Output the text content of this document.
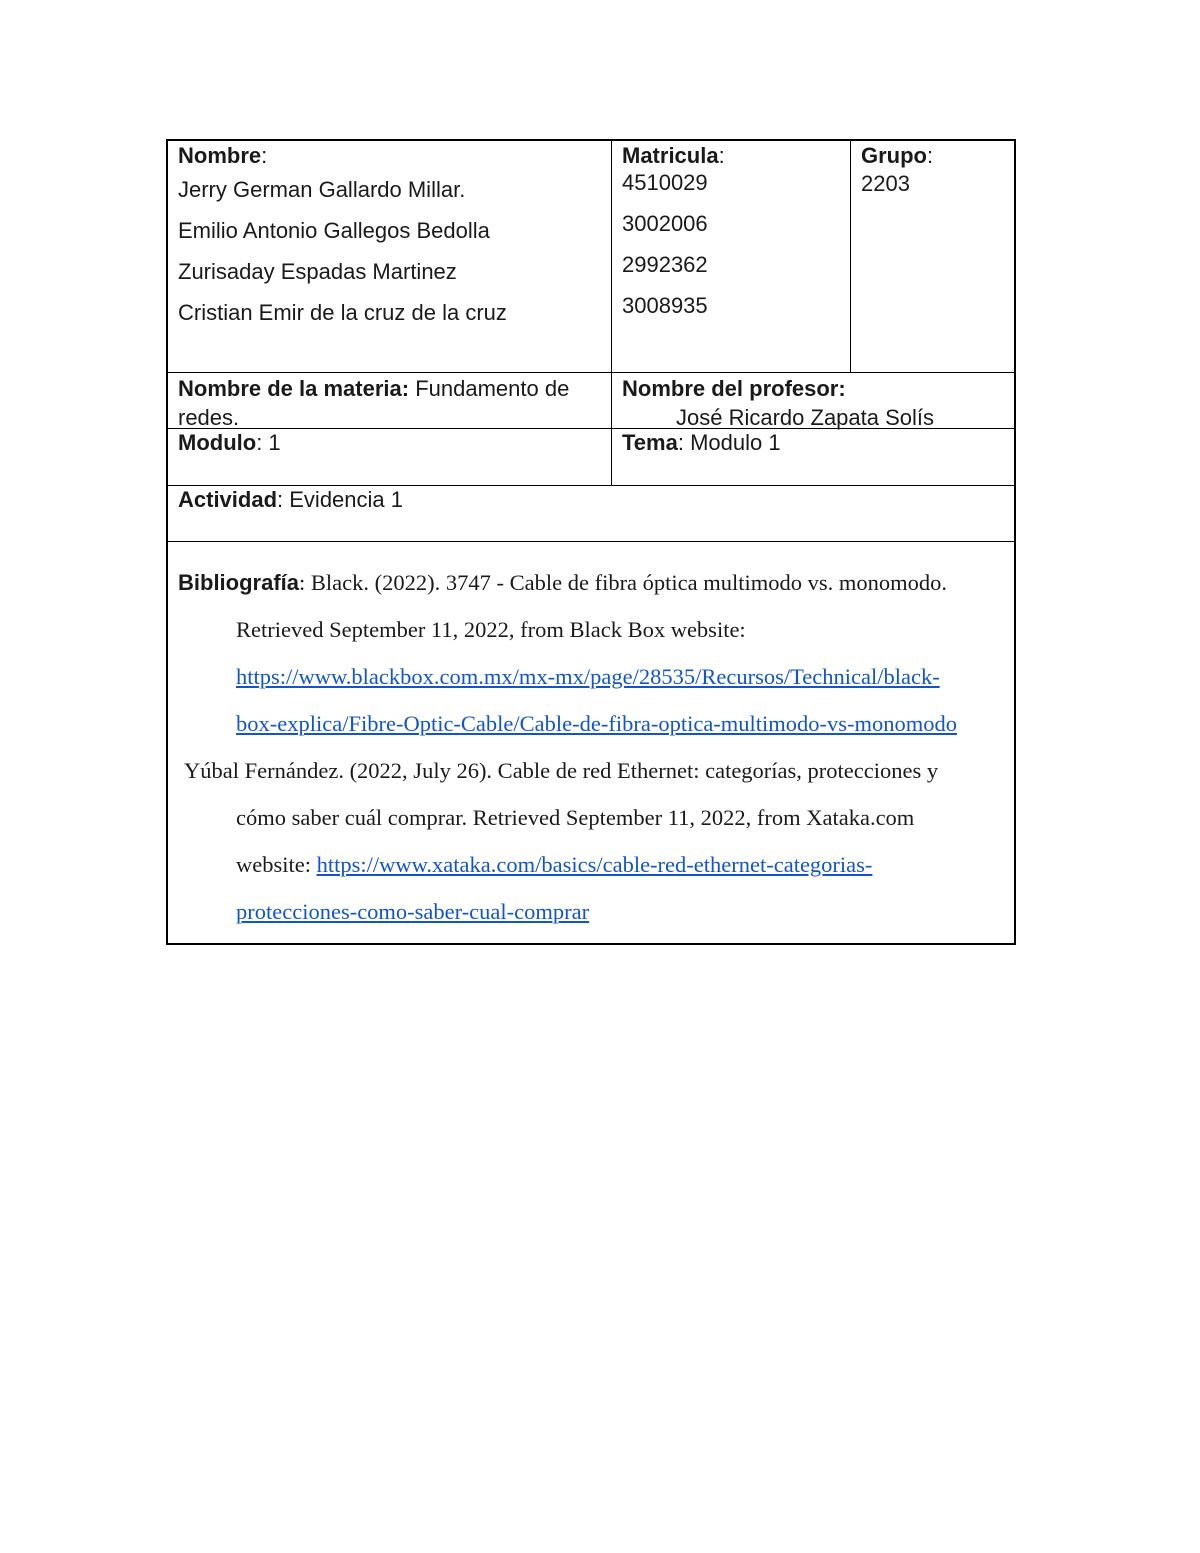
Nombre:
Jerry German Gallardo Millar.
Emilio Antonio Gallegos Bedolla
Zurisaday Espadas Martinez
Cristian Emir de la cruz de la cruz
Matricula:
4510029
3002006
2992362
3008935
Grupo:
2203
Nombre de la materia: Fundamento de
redes.
Nombre del profesor:
José Ricardo Zapata Solís
Modulo: 1	Tema: Modulo 1
Actividad: Evidencia 1
Bibliografía: Black. (2022). 3747 - Cable de fibra óptica multimodo vs. monomodo.
Retrieved September 11, 2022, from Black Box website:
https://www.blackbox.com.mx/mx-mx/page/28535/Recursos/Technical/black-
box-explica/Fibre-Optic-Cable/Cable-de-fibra-optica-multimodo-vs-monomodo
Yúbal Fernández. (2022, July 26). Cable de red Ethernet: categorías, protecciones y
cómo saber cuál comprar. Retrieved September 11, 2022, from Xataka.com
website: https://www.xataka.com/basics/cable-red-ethernet-categorias-
protecciones-como-saber-cual-comprar
